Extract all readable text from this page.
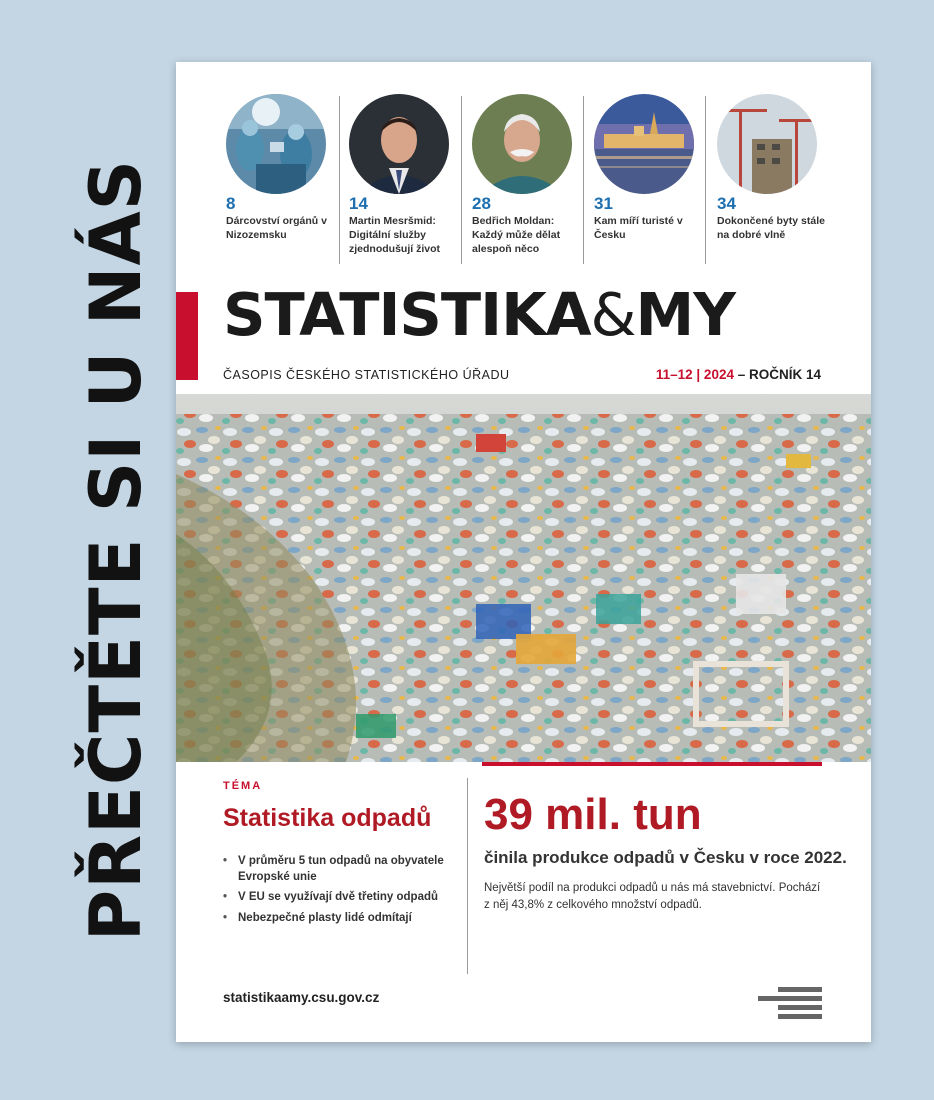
PŘEČTĚTE SI U NÁS	8
Dárcovství orgánů v Nizozemsku
14
Martin Mesršmid: Digitální služby zjednodušují život
28
Bedřich Moldan: Každý může dělat alespoň něco
31
Kam míří turisté v Česku
34
Dokončené byty stále na dobré vlně
STATISTIKA&MY
ČASOPIS ČESKÉHO STATISTICKÉHO ÚŘADU	11–12 | 2024 – ROČNÍK 14
TÉMA
Statistika odpadů
• V průměru 5 tun odpadů na obyvatele Evropské unie
• V EU se využívají dvě třetiny odpadů
• Nebezpečné plasty lidé odmítají
39 mil. tun
činila produkce odpadů v Česku v roce 2022.
Největší podíl na produkci odpadů u nás má stavebnictví. Pochází z něj 43,8% z celkového množství odpadů.
statistikaamy.csu.gov.cz
